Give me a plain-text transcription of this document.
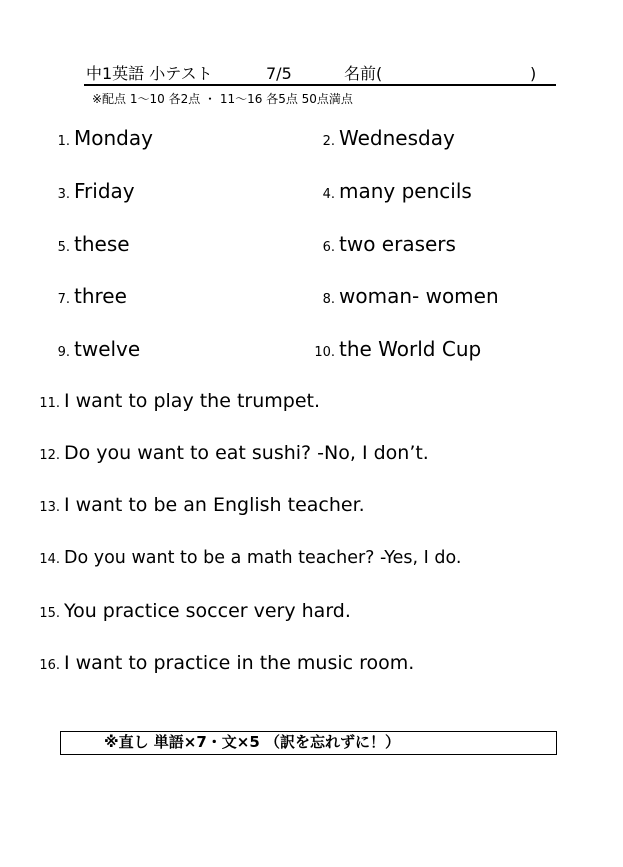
中1英語 小テスト	7/5	名前(	)
※配点 1～10 各2点 ・ 11～16 各5点 50点満点
1. Monday	2. Wednesday
3. Friday	4. many pencils
5. these	6. two erasers
7. three	8. woman- women
9. twelve	10. the World Cup
11. I want to play the trumpet.
12. Do you want to eat sushi? -No, I don’t.
13. I want to be an English teacher.
14. Do you want to be a math teacher? -Yes, I do.
15. You practice soccer very hard.
16. I want to practice in the music room.
※直し 単語×7・文×5 （訳を忘れずに！）
